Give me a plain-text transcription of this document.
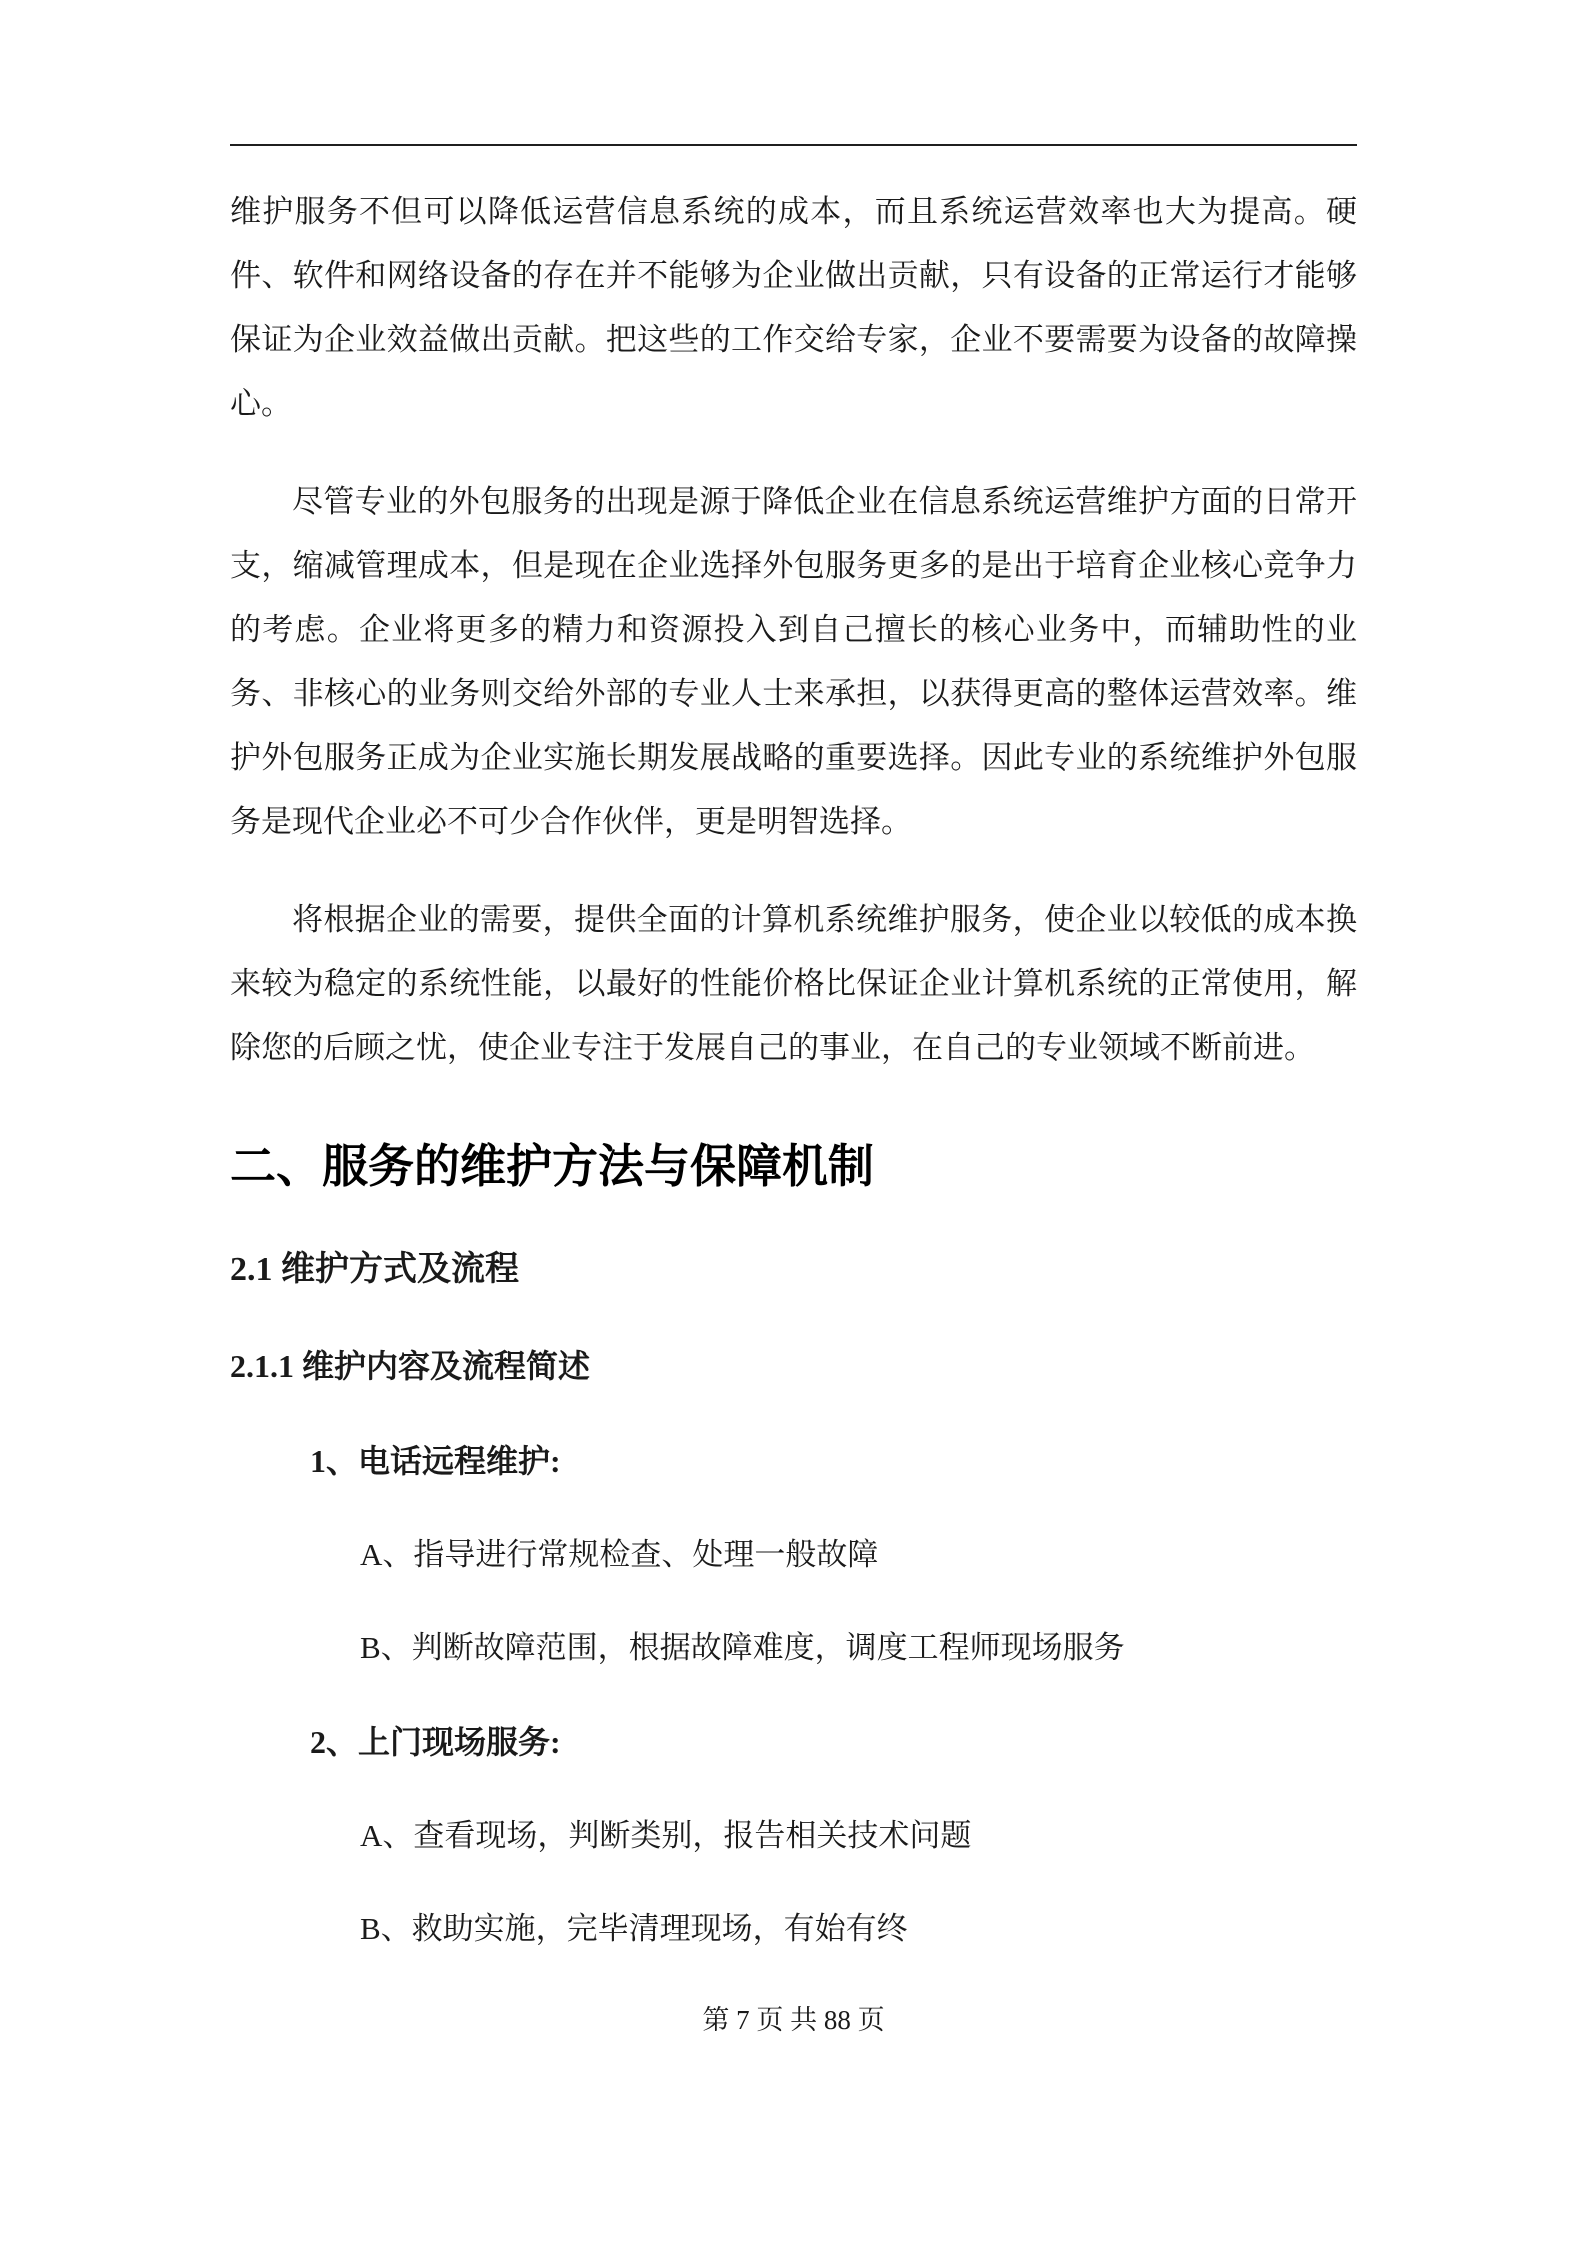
维护服务不但可以降低运营信息系统的成本，而且系统运营效率也大为提高。硬件、软件和网络设备的存在并不能够为企业做出贡献，只有设备的正常运行才能够保证为企业效益做出贡献。把这些的工作交给专家，企业不要需要为设备的故障操心。

尽管专业的外包服务的出现是源于降低企业在信息系统运营维护方面的日常开支，缩减管理成本，但是现在企业选择外包服务更多的是出于培育企业核心竞争力的考虑。企业将更多的精力和资源投入到自己擅长的核心业务中，而辅助性的业务、非核心的业务则交给外部的专业人士来承担，以获得更高的整体运营效率。维护外包服务正成为企业实施长期发展战略的重要选择。因此专业的系统维护外包服务是现代企业必不可少合作伙伴，更是明智选择。

将根据企业的需要，提供全面的计算机系统维护服务，使企业以较低的成本换来较为稳定的系统性能，以最好的性能价格比保证企业计算机系统的正常使用，解除您的后顾之忧，使企业专注于发展自己的事业，在自己的专业领域不断前进。

二、服务的维护方法与保障机制
2.1 维护方式及流程
2.1.1 维护内容及流程简述

1、电话远程维护:

A、指导进行常规检查、处理一般故障

B、判断故障范围，根据故障难度，调度工程师现场服务

2、上门现场服务:

A、查看现场，判断类别，报告相关技术问题

B、救助实施，完毕清理现场，有始有终

第 7 页 共 88 页
